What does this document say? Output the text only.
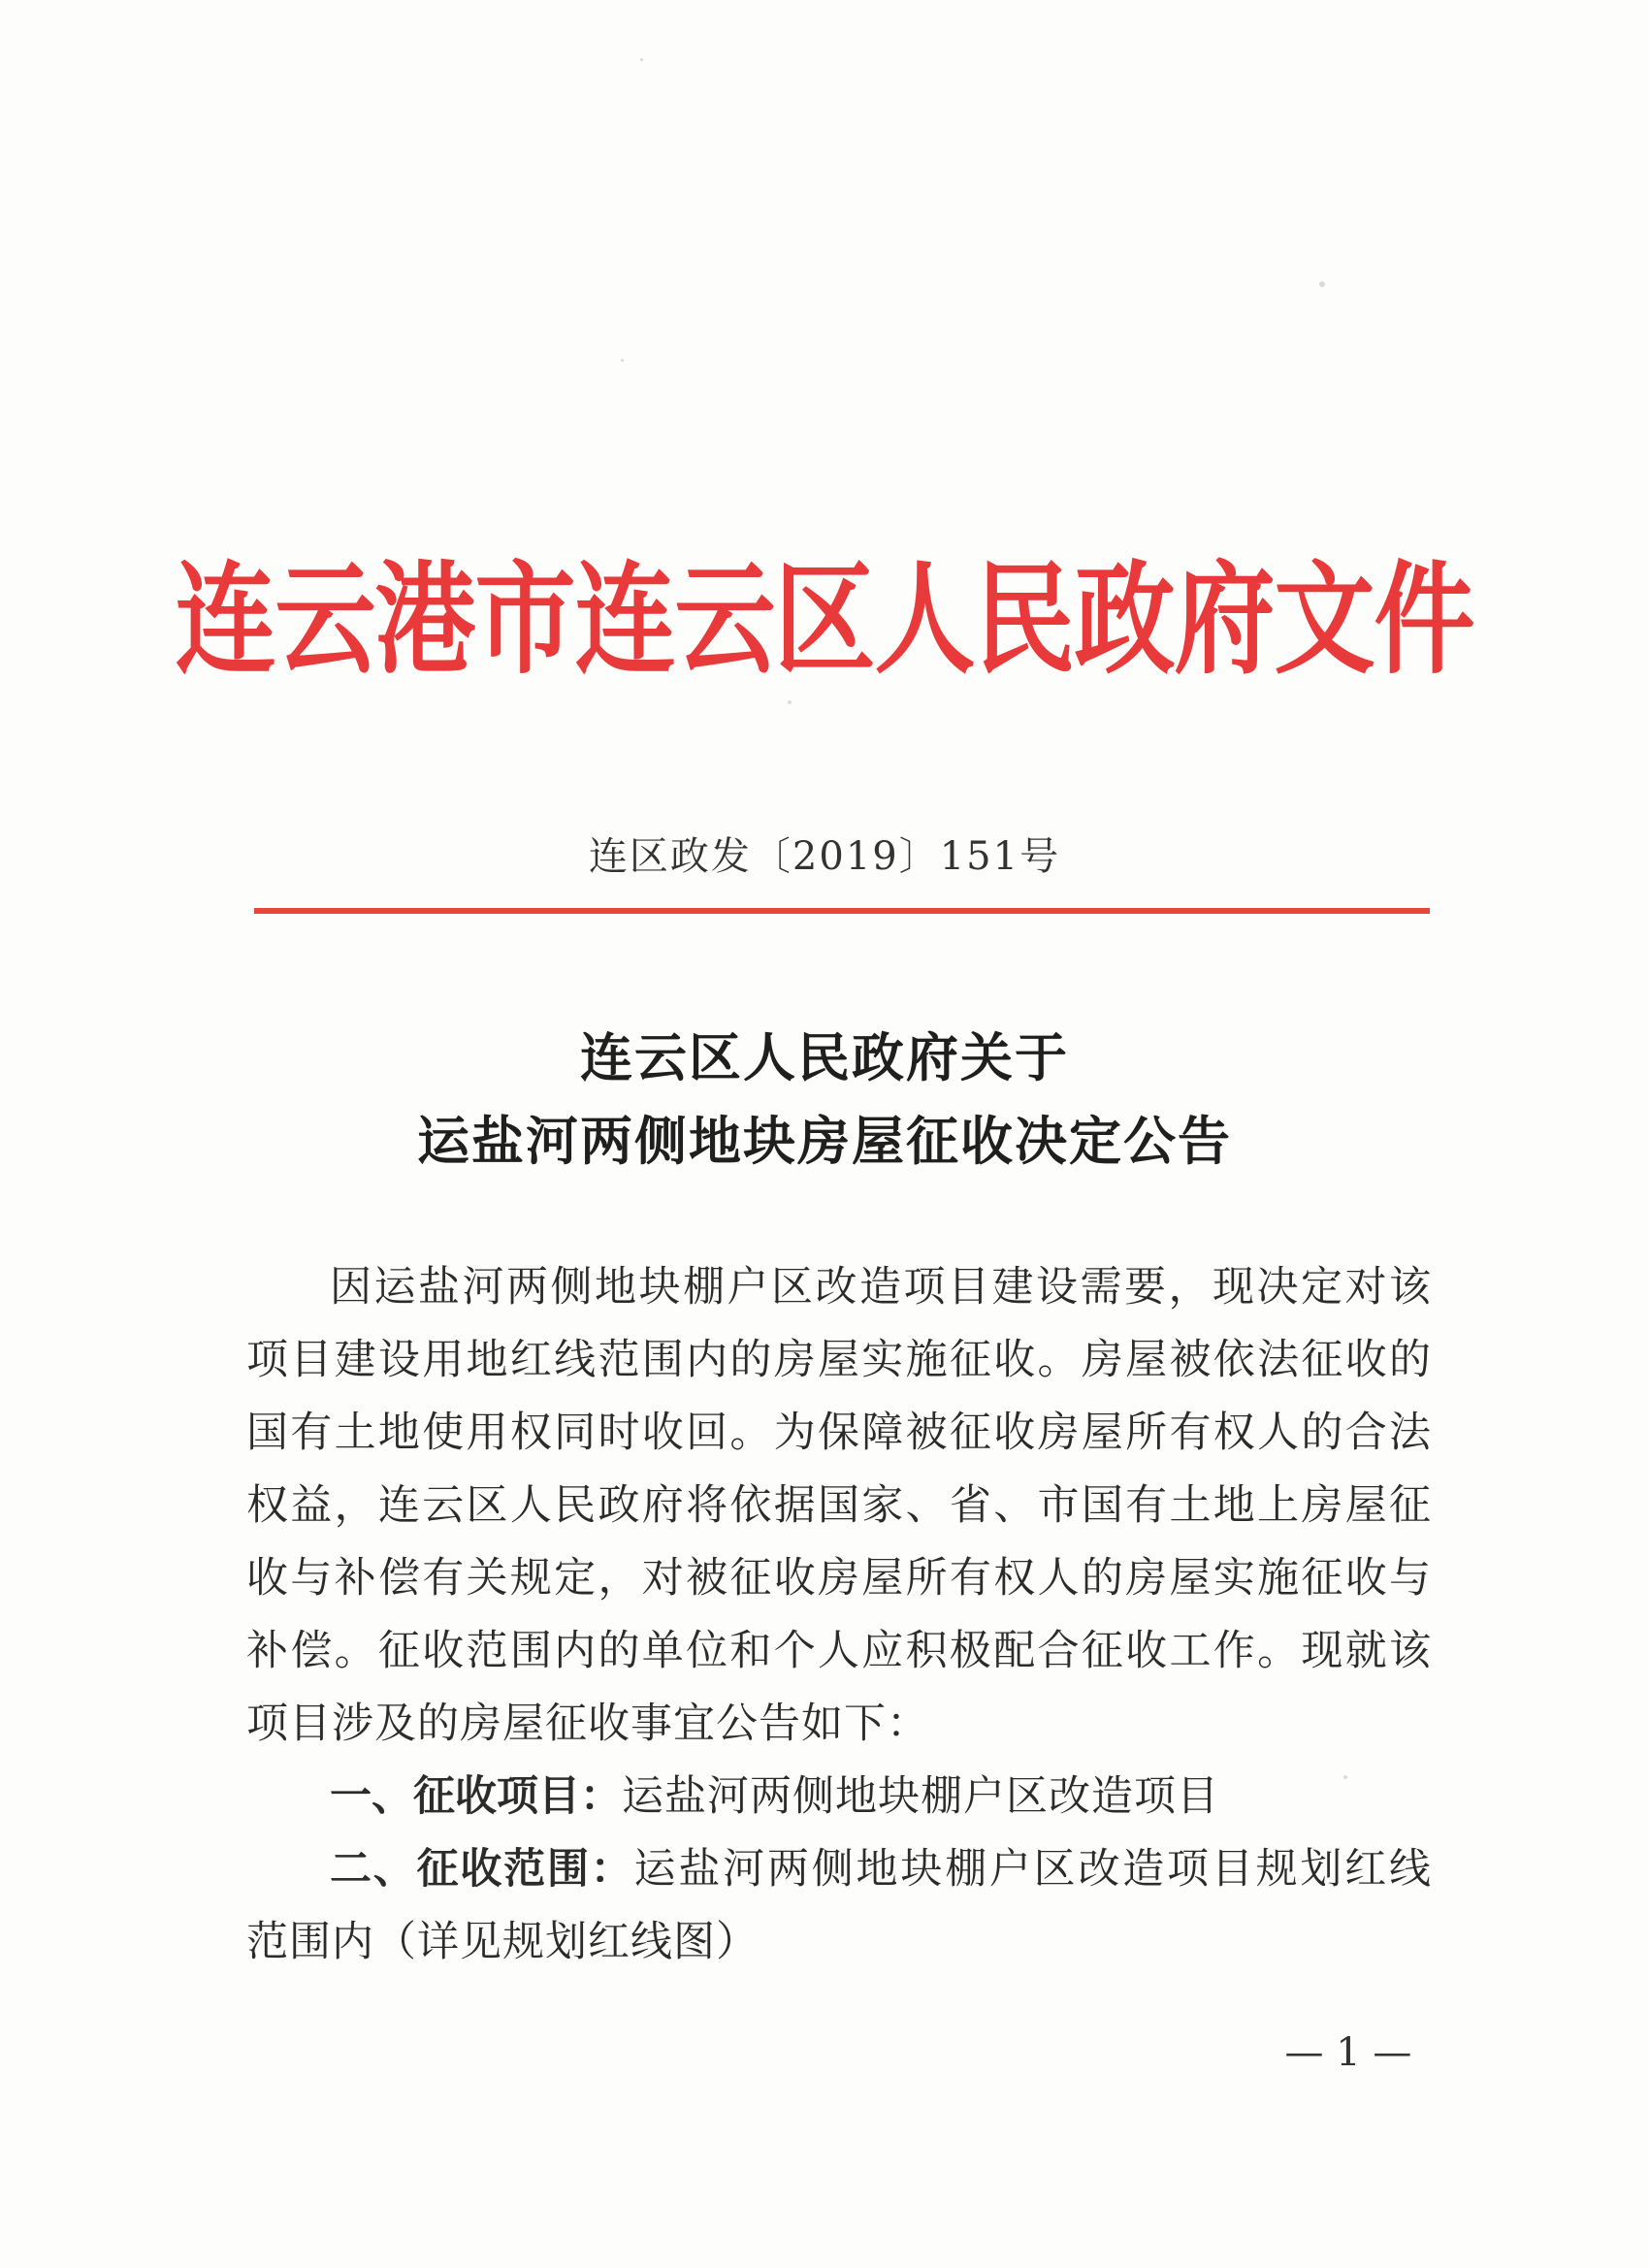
连云港市连云区人民政府文件
连区政发〔2019〕151号
连云区人民政府关于
运盐河两侧地块房屋征收决定公告

因运盐河两侧地块棚户区改造项目建设需要，现决定对该项目建设用地红线范围内的房屋实施征收。房屋被依法征收的国有土地使用权同时收回。为保障被征收房屋所有权人的合法权益，连云区人民政府将依据国家、省、市国有土地上房屋征收与补偿有关规定，对被征收房屋所有权人的房屋实施征收与补偿。征收范围内的单位和个人应积极配合征收工作。现就该项目涉及的房屋征收事宜公告如下：

一、征收项目：运盐河两侧地块棚户区改造项目

二、征收范围：运盐河两侧地块棚户区改造项目规划红线范围内（详见规划红线图）

— 1 —
